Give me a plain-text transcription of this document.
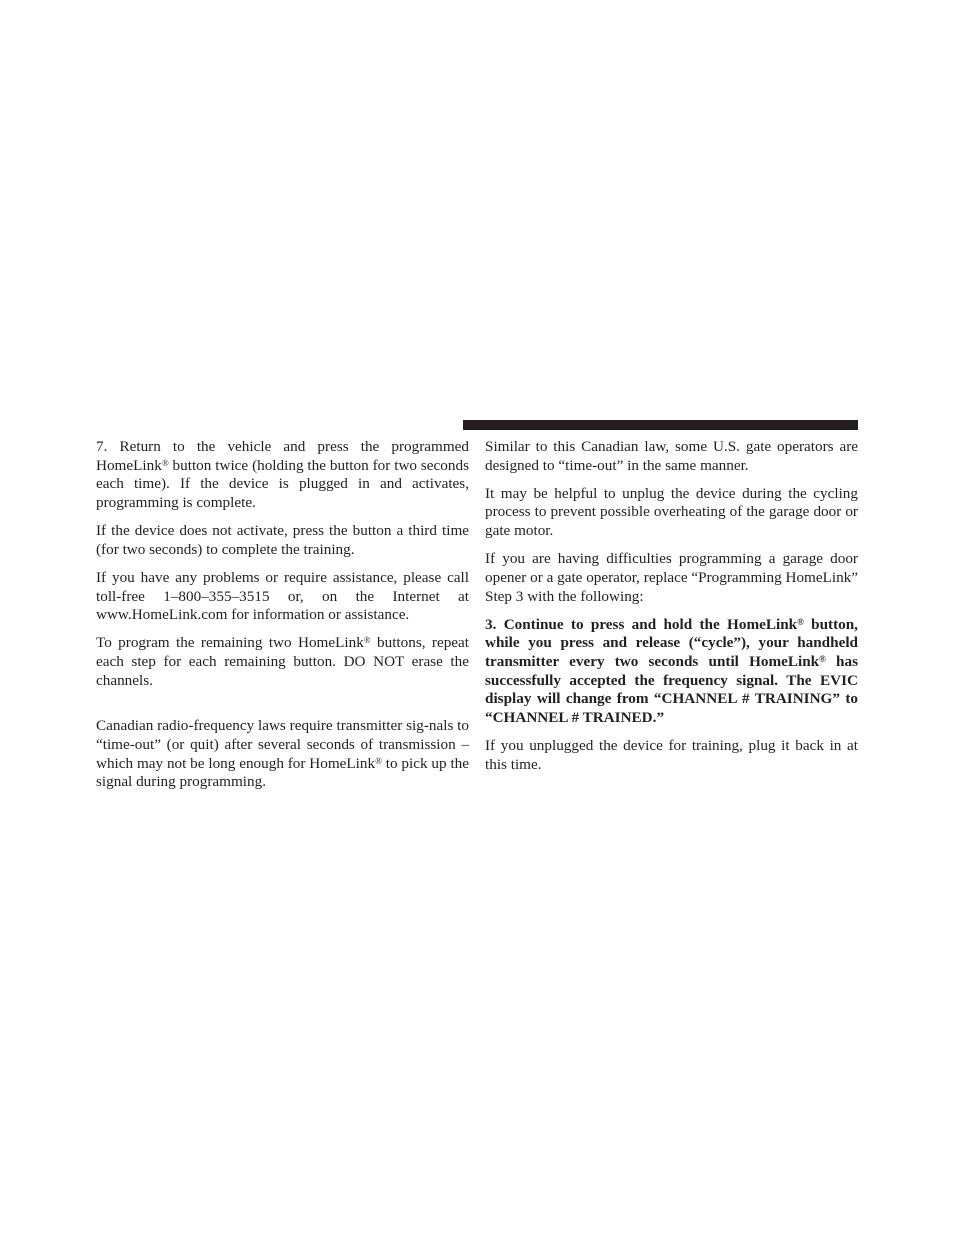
7. Return to the vehicle and press the programmed HomeLink® button twice (holding the button for two seconds each time). If the device is plugged in and activates, programming is complete.

If the device does not activate, press the button a third time (for two seconds) to complete the training.

If you have any problems or require assistance, please call toll-free 1–800–355–3515 or, on the Internet at www.HomeLink.com for information or assistance.

To program the remaining two HomeLink® buttons, repeat each step for each remaining button. DO NOT erase the channels.

Canadian radio-frequency laws require transmitter sig-nals to “time-out” (or quit) after several seconds of transmission – which may not be long enough for HomeLink® to pick up the signal during programming.

Similar to this Canadian law, some U.S. gate operators are designed to “time-out” in the same manner.

It may be helpful to unplug the device during the cycling process to prevent possible overheating of the garage door or gate motor.

If you are having difficulties programming a garage door opener or a gate operator, replace “Programming HomeLink” Step 3 with the following:

3. Continue to press and hold the HomeLink® button, while you press and release (“cycle”), your handheld transmitter every two seconds until HomeLink® has successfully accepted the frequency signal. The EVIC display will change from “CHANNEL # TRAINING” to “CHANNEL # TRAINED.”

If you unplugged the device for training, plug it back in at this time.
